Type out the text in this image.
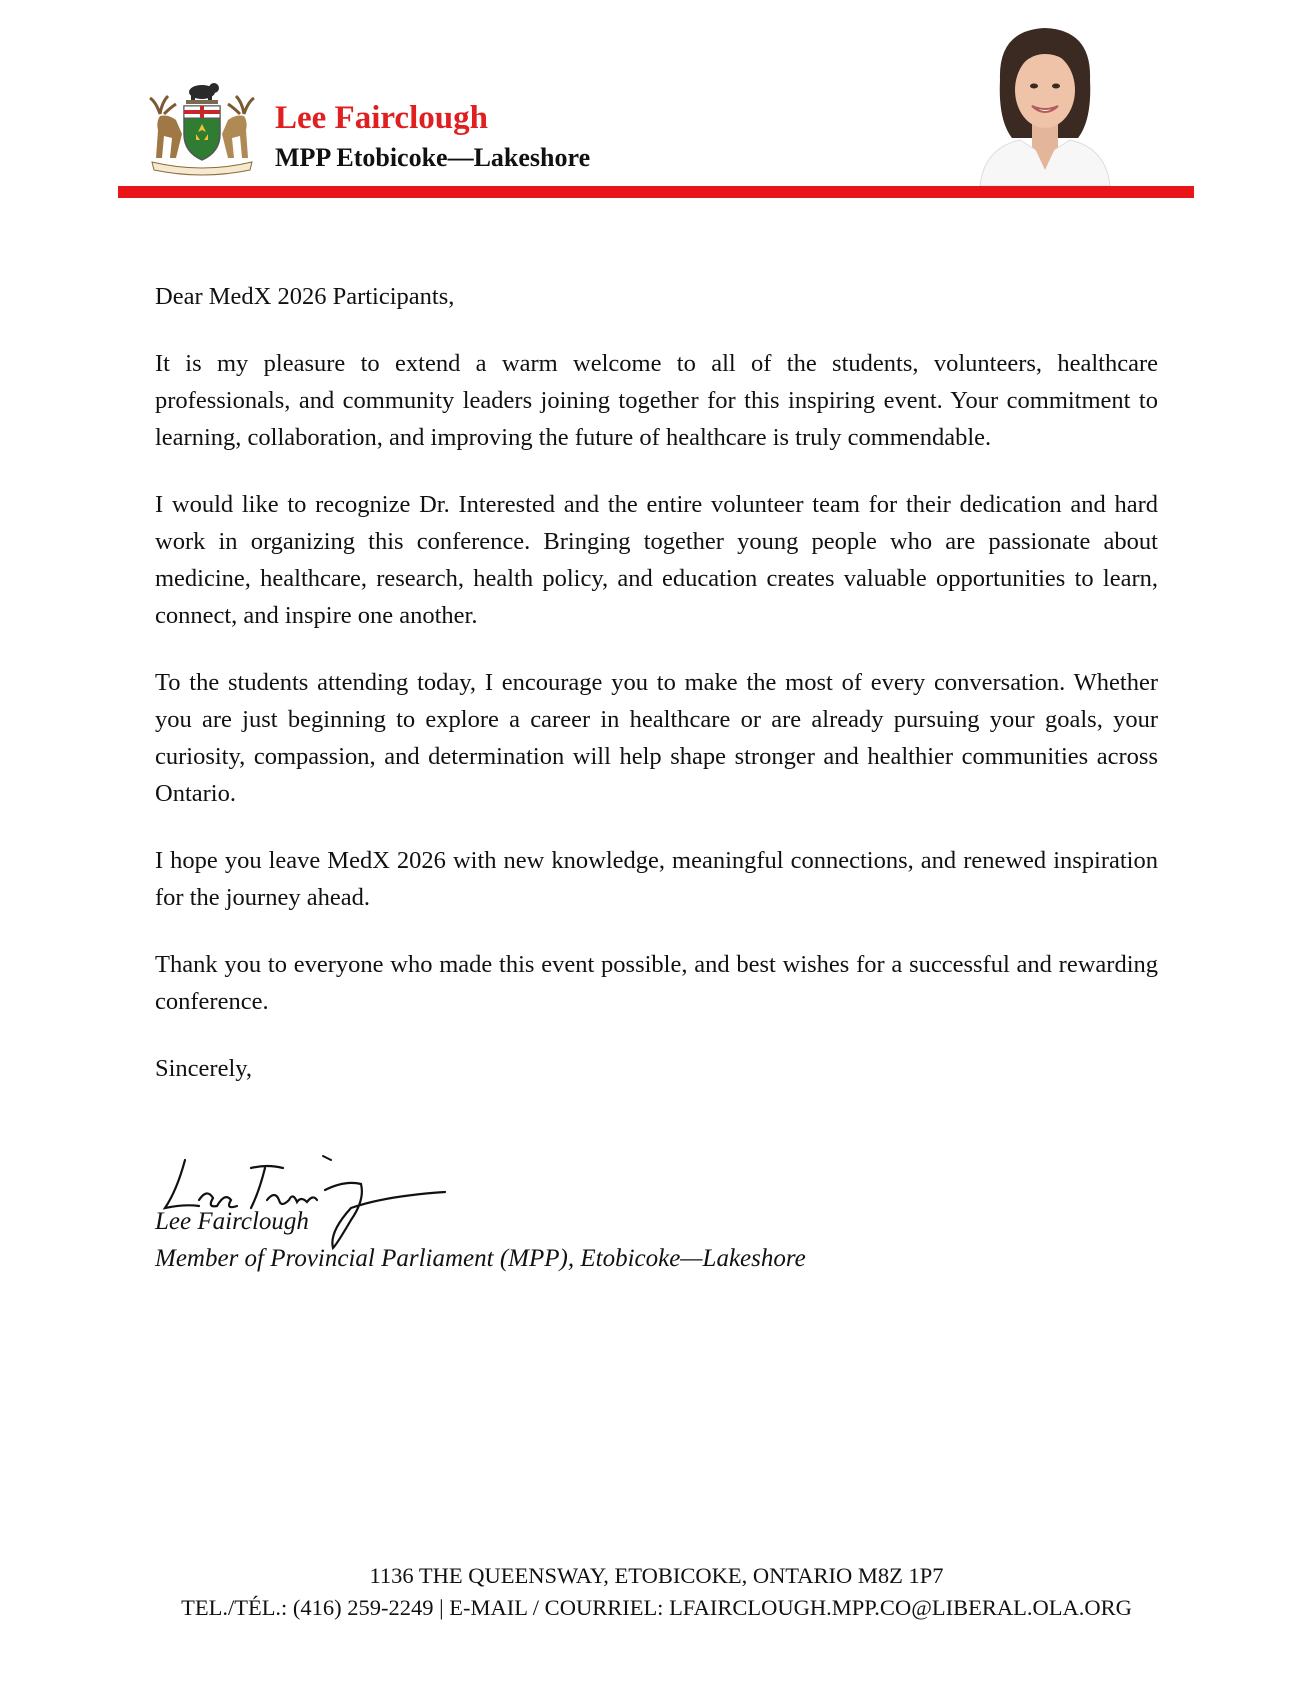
Lee Fairclough
MPP Etobicoke—Lakeshore

Dear MedX 2026 Participants,

It is my pleasure to extend a warm welcome to all of the students, volunteers, healthcare professionals, and community leaders joining together for this inspiring event. Your commitment to learning, collaboration, and improving the future of healthcare is truly commendable.

I would like to recognize Dr. Interested and the entire volunteer team for their dedication and hard work in organizing this conference. Bringing together young people who are passionate about medicine, healthcare, research, health policy, and education creates valuable opportunities to learn, connect, and inspire one another.

To the students attending today, I encourage you to make the most of every conversation. Whether you are just beginning to explore a career in healthcare or are already pursuing your goals, your curiosity, compassion, and determination will help shape stronger and healthier communities across Ontario.

I hope you leave MedX 2026 with new knowledge, meaningful connections, and renewed inspiration for the journey ahead.

Thank you to everyone who made this event possible, and best wishes for a successful and rewarding conference.

Sincerely,

Lee Fairclough
Member of Provincial Parliament (MPP), Etobicoke—Lakeshore
1136 THE QUEENSWAY, ETOBICOKE, ONTARIO M8Z 1P7
TEL./TÉL.: (416) 259-2249 | E-MAIL / COURRIEL: LFAIRCLOUGH.MPP.CO@LIBERAL.OLA.ORG
